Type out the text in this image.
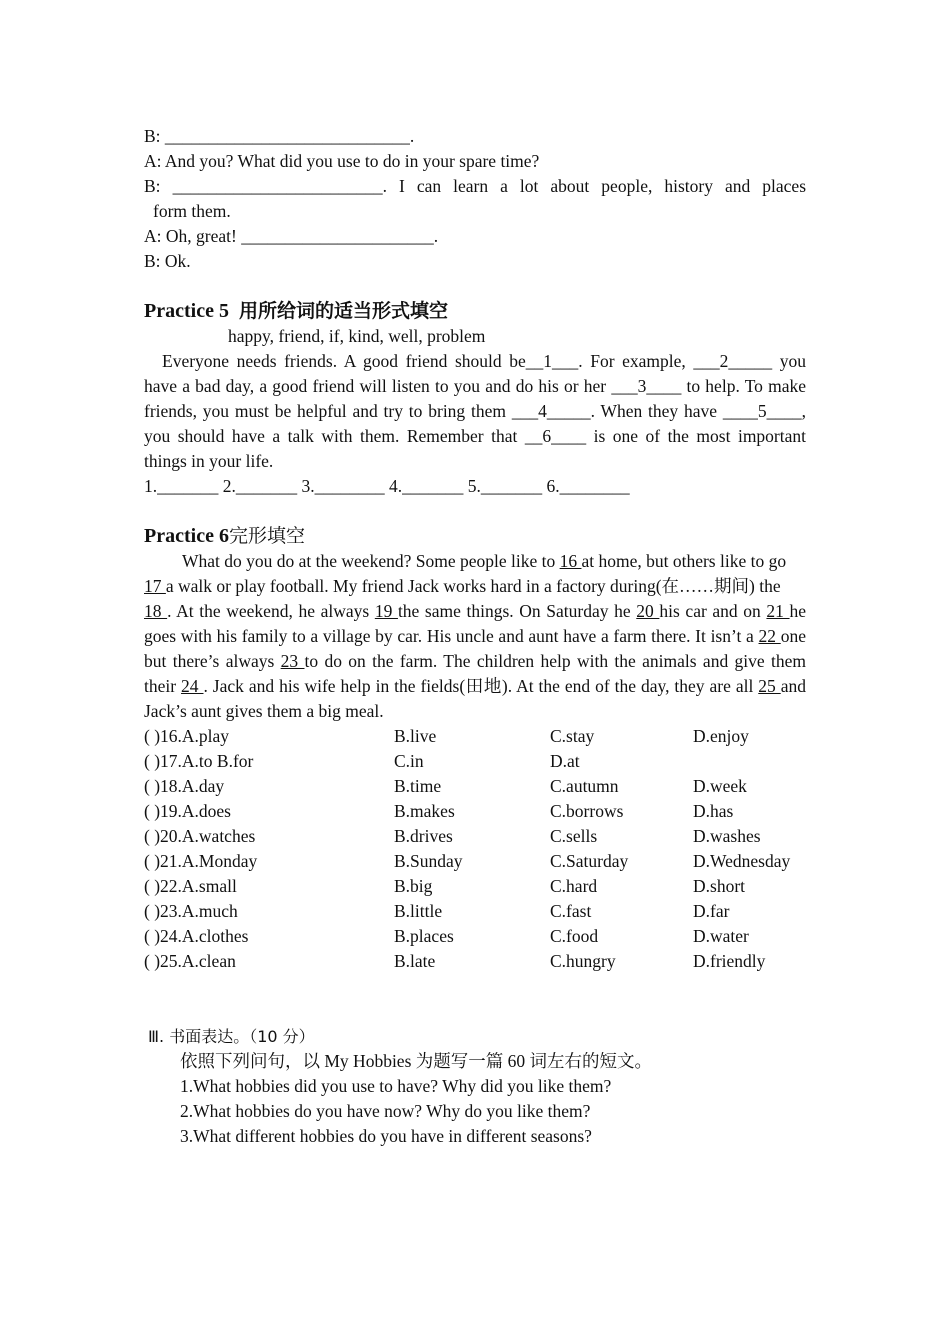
B: ____________________________.
A: And you? What did you use to do in your spare time?
B: ________________________. I can learn a lot about people, history and places
form them.
A: Oh, great! ______________________.
B: Ok.
Practice 5 用所给词的适当形式填空
happy, friend, if, kind, well, problem
Everyone needs friends. A good friend should be__1___. For example, ___2_____ you have a bad day, a good friend will listen to you and do his or her ___3____ to help. To make friends, you must be helpful and try to bring them ___4_____. When they have ____5____, you should have a talk with them. Remember that __6____ is one of the most important things in your life.
1._______ 2._______ 3.________ 4._______ 5._______ 6.________
Practice 6完形填空
What do you do at the weekend? Some people like to 16 at home, but others like to go
17 a walk or play football. My friend Jack works hard in a factory during(在……期间) the
18 . At the weekend, he always 19 the same things. On Saturday he 20 his car and on 21 he goes with his family to a village by car. His uncle and aunt have a farm there. It isn’t a 22 one but there’s always 23 to do on the farm. The children help with the animals and give them their 24 . Jack and his wife help in the fields(田地). At the end of the day, they are all 25 and Jack’s aunt gives them a big meal.
( )16.A.play	B.live	C.stay	D.enjoy
( )17.A.to B.for	C.in	D.at
( )18.A.day	B.time	C.autumn	D.week
( )19.A.does	B.makes	C.borrows	D.has
( )20.A.watches	B.drives	C.sells	D.washes
( )21.A.Monday	B.Sunday	C.Saturday	D.Wednesday
( )22.A.small	B.big	C.hard	D.short
( )23.A.much	B.little	C.fast	D.far
( )24.A.clothes	B.places	C.food	D.water
( )25.A.clean	B.late	C.hungry	D.friendly
Ⅲ. 书面表达。（10 分）
依照下列问句，以 My Hobbies 为题写一篇 60 词左右的短文。
1.What hobbies did you use to have? Why did you like them?
2.What hobbies do you have now? Why do you like them?
3.What different hobbies do you have in different seasons?
